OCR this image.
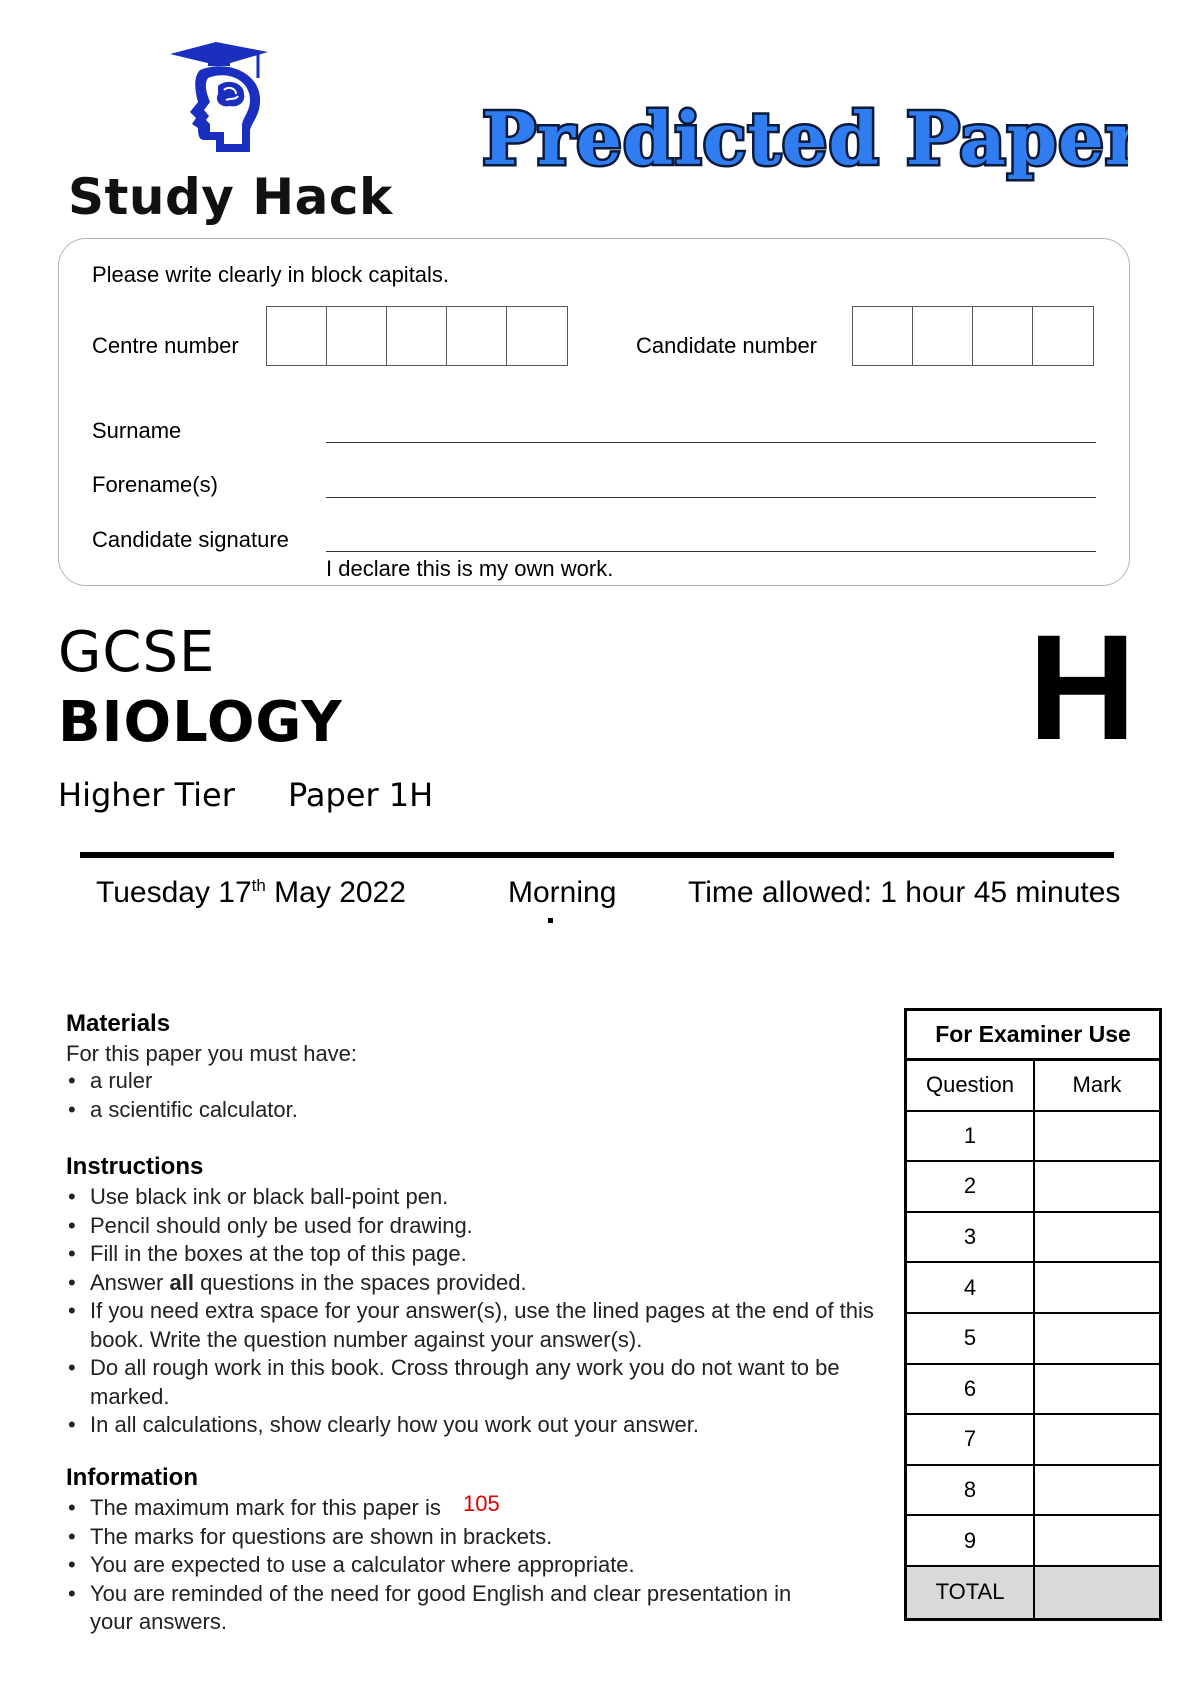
Study Hack
Predicted Paper
Please write clearly in block capitals.
Centre number	Candidate number
Surname
Forename(s)
Candidate signature
I declare this is my own work.
GCSE
BIOLOGY
Higher Tier Paper 1H
H
Tuesday 17th May 2022	Morning Time allowed: 1 hour 45 minutes
Materials
For this paper you must have:
• a ruler
• a scientific calculator.
Instructions
• Use black ink or black ball-point pen.
• Pencil should only be used for drawing.
• Fill in the boxes at the top of this page.
• Answer all questions in the spaces provided.
• If you need extra space for your answer(s), use the lined pages at the end of this book. Write the question number against your answer(s).
• Do all rough work in this book. Cross through any work you do not want to be marked.
• In all calculations, show clearly how you work out your answer.
Information
• The maximum mark for this paper is 105
• The marks for questions are shown in brackets.
• You are expected to use a calculator where appropriate.
• You are reminded of the need for good English and clear presentation in your answers.
For Examiner Use
Question	Mark
1
2
3
4
5
6
7
8
9
TOTAL
